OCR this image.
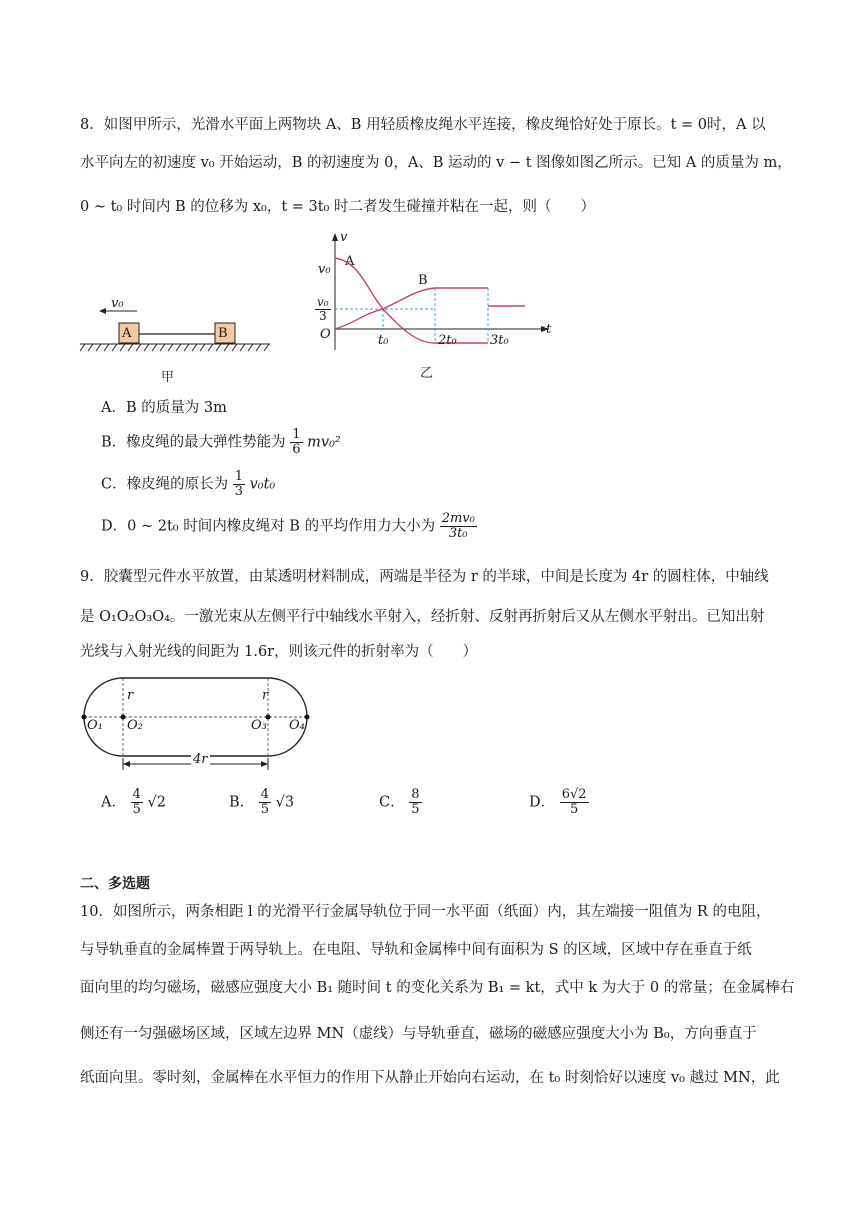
8．如图甲所示，光滑水平面上两物块 A、B 用轻质橡皮绳水平连接，橡皮绳恰好处于原长。t = 0时，A 以
水平向左的初速度 v₀ 开始运动，B 的初速度为 0，A、B 运动的 v − t 图像如图乙所示。已知 A 的质量为 m，
0 ~ t₀ 时间内 B 的位移为 x₀，t = 3t₀ 时二者发生碰撞并粘在一起，则（　　）
v₀
A	B
甲
v
v₀
A
B
$\frac{\text{v₀}}{3}$
O	t₀	2t₀	3t₀
t
乙
A．B 的质量为 3m
B．橡皮绳的最大弹性势能为 $\frac{1}{6} mv_0^2$
C．橡皮绳的原长为 $\frac{1}{3} v_0t_0$
D．0 ~ 2t₀ 时间内橡皮绳对 B 的平均作用力大小为 $\frac{\text{2mv₀}}{\text{3t₀}}$
9．胶囊型元件水平放置，由某透明材料制成，两端是半径为 r 的半球，中间是长度为 4r 的圆柱体，中轴线
是 O₁O₂O₃O₄。一激光束从左侧平行中轴线水平射入，经折射、反射再折射后又从左侧水平射出。已知出射
光线与入射光线的间距为 1.6r，则该元件的折射率为（　　）
r	r
O₁ O₂	O₃ O₄
4r
A． $\frac{4}{5} √2$	B． $\frac{4}{5} √3$	C． $\frac{8}{5}$	D． $\frac{6√2}{5}$
二、多选题
10．如图所示，两条相距 l 的光滑平行金属导轨位于同一水平面（纸面）内，其左端接一阻值为 R 的电阻，
与导轨垂直的金属棒置于两导轨上。在电阻、导轨和金属棒中间有面积为 S 的区域，区域中存在垂直于纸
面向里的均匀磁场，磁感应强度大小 B₁ 随时间 t 的变化关系为 B₁ = kt，式中 k 为大于 0 的常量；在金属棒右
侧还有一匀强磁场区域，区域左边界 MN（虚线）与导轨垂直，磁场的磁感应强度大小为 B₀，方向垂直于
纸面向里。零时刻，金属棒在水平恒力的作用下从静止开始向右运动，在 t₀ 时刻恰好以速度 v₀ 越过 MN，此
